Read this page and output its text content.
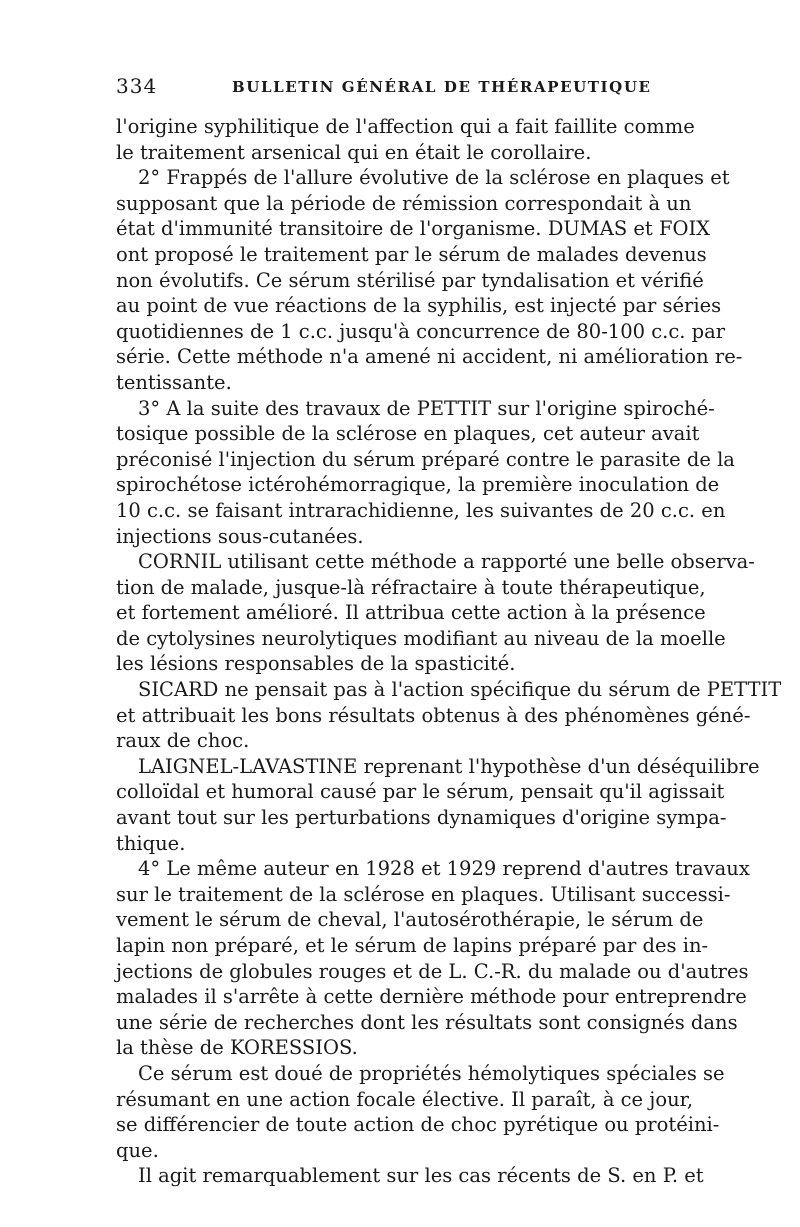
334	BULLETIN GÉNÉRAL DE THÉRAPEUTIQUE
l'origine syphilitique de l'affection qui a fait faillite comme
le traitement arsenical qui en était le corollaire.
2° Frappés de l'allure évolutive de la sclérose en plaques et
supposant que la période de rémission correspondait à un
état d'immunité transitoire de l'organisme. DUMAS et FOIX
ont proposé le traitement par le sérum de malades devenus
non évolutifs. Ce sérum stérilisé par tyndalisation et vérifié
au point de vue réactions de la syphilis, est injecté par séries
quotidiennes de 1 c.c. jusqu'à concurrence de 80-100 c.c. par
série. Cette méthode n'a amené ni accident, ni amélioration re-
tentissante.
3° A la suite des travaux de PETTIT sur l'origine spiroché-
tosique possible de la sclérose en plaques, cet auteur avait
préconisé l'injection du sérum préparé contre le parasite de la
spirochétose ictérohémorragique, la première inoculation de
10 c.c. se faisant intrarachidienne, les suivantes de 20 c.c. en
injections sous-cutanées.
CORNIL utilisant cette méthode a rapporté une belle observa-
tion de malade, jusque-là réfractaire à toute thérapeutique,
et fortement amélioré. Il attribua cette action à la présence
de cytolysines neurolytiques modifiant au niveau de la moelle
les lésions responsables de la spasticité.
SICARD ne pensait pas à l'action spécifique du sérum de PETTIT
et attribuait les bons résultats obtenus à des phénomènes géné-
raux de choc.
LAIGNEL-LAVASTINE reprenant l'hypothèse d'un déséquilibre
colloïdal et humoral causé par le sérum, pensait qu'il agissait
avant tout sur les perturbations dynamiques d'origine sympa-
thique.
4° Le même auteur en 1928 et 1929 reprend d'autres travaux
sur le traitement de la sclérose en plaques. Utilisant successi-
vement le sérum de cheval, l'autosérothérapie, le sérum de
lapin non préparé, et le sérum de lapins préparé par des in-
jections de globules rouges et de L. C.-R. du malade ou d'autres
malades il s'arrête à cette dernière méthode pour entreprendre
une série de recherches dont les résultats sont consignés dans
la thèse de KORESSIOS.
Ce sérum est doué de propriétés hémolytiques spéciales se
résumant en une action focale élective. Il paraît, à ce jour,
se différencier de toute action de choc pyrétique ou protéini-
que.
Il agit remarquablement sur les cas récents de S. en P. et
